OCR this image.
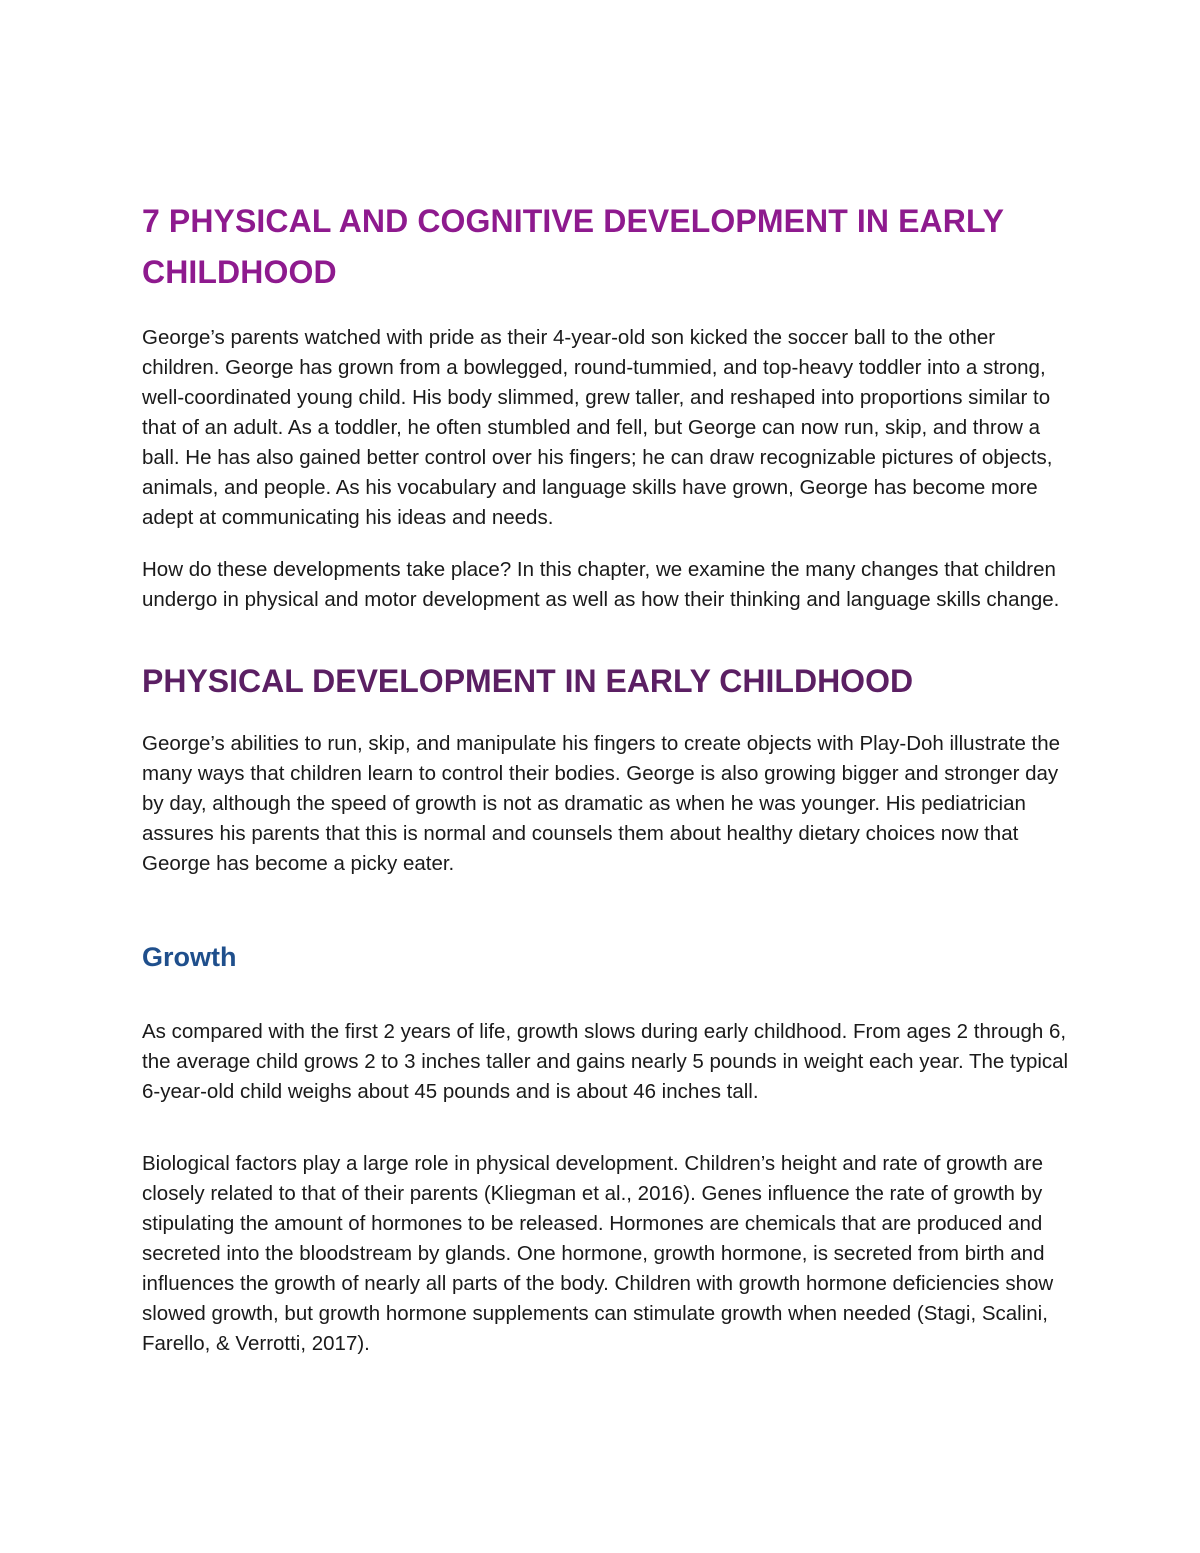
7 PHYSICAL AND COGNITIVE DEVELOPMENT IN EARLY CHILDHOOD

George’s parents watched with pride as their 4-year-old son kicked the soccer ball to the other children. George has grown from a bowlegged, round-tummied, and top-heavy toddler into a strong, well-coordinated young child. His body slimmed, grew taller, and reshaped into proportions similar to that of an adult. As a toddler, he often stumbled and fell, but George can now run, skip, and throw a ball. He has also gained better control over his fingers; he can draw recognizable pictures of objects, animals, and people. As his vocabulary and language skills have grown, George has become more adept at communicating his ideas and needs.

How do these developments take place? In this chapter, we examine the many changes that children undergo in physical and motor development as well as how their thinking and language skills change.

PHYSICAL DEVELOPMENT IN EARLY CHILDHOOD

George’s abilities to run, skip, and manipulate his fingers to create objects with Play-Doh illustrate the many ways that children learn to control their bodies. George is also growing bigger and stronger day by day, although the speed of growth is not as dramatic as when he was younger. His pediatrician assures his parents that this is normal and counsels them about healthy dietary choices now that George has become a picky eater.

Growth

As compared with the first 2 years of life, growth slows during early childhood. From ages 2 through 6, the average child grows 2 to 3 inches taller and gains nearly 5 pounds in weight each year. The typical 6-year-old child weighs about 45 pounds and is about 46 inches tall.

Biological factors play a large role in physical development. Children’s height and rate of growth are closely related to that of their parents (Kliegman et al., 2016). Genes influence the rate of growth by stipulating the amount of hormones to be released. Hormones are chemicals that are produced and secreted into the bloodstream by glands. One hormone, growth hormone, is secreted from birth and influences the growth of nearly all parts of the body. Children with growth hormone deficiencies show slowed growth, but growth hormone supplements can stimulate growth when needed (Stagi, Scalini, Farello, & Verrotti, 2017).
